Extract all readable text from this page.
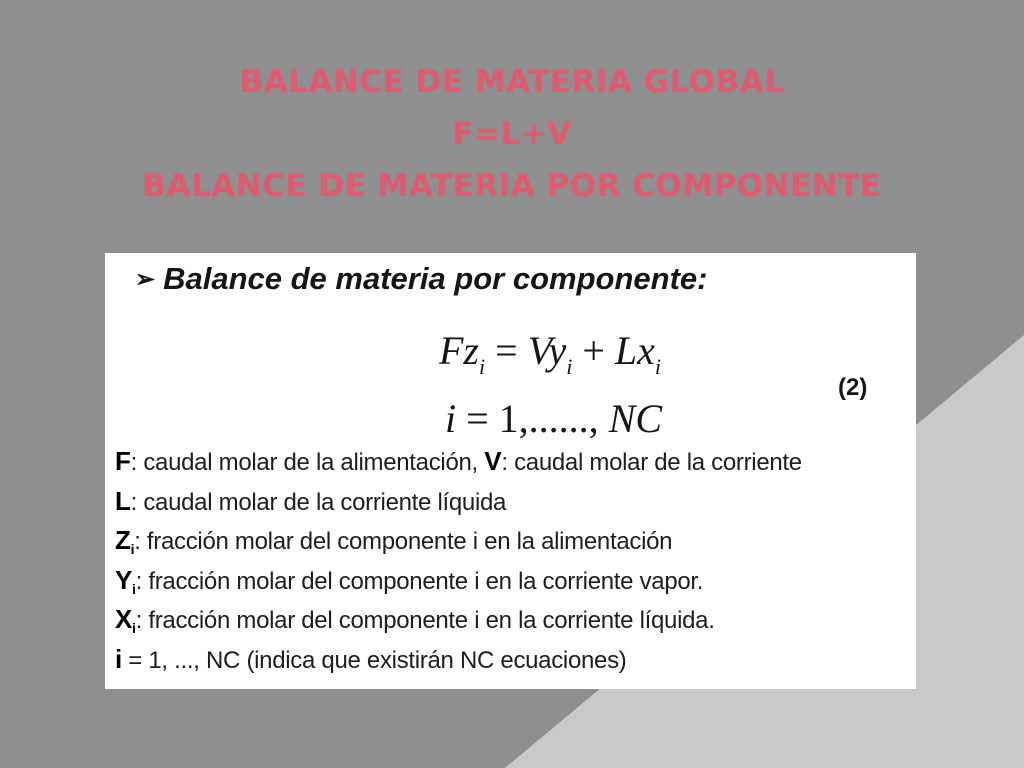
BALANCE DE MATERIA GLOBAL
F=L+V
BALANCE DE MATERIA POR COMPONENTE
➢ Balance de materia por componente:
$Fz_i = Vy_i + Lx_i$
i = 1,......, NC
(2)
F: caudal molar de la alimentación, V: caudal molar de la corriente
L: caudal molar de la corriente líquida
$Z_i$: fracción molar del componente i en la alimentación
$Y_i$: fracción molar del componente i en la corriente vapor.
$X_i$: fracción molar del componente i en la corriente líquida.
i = 1, ..., NC (indica que existirán NC ecuaciones)
